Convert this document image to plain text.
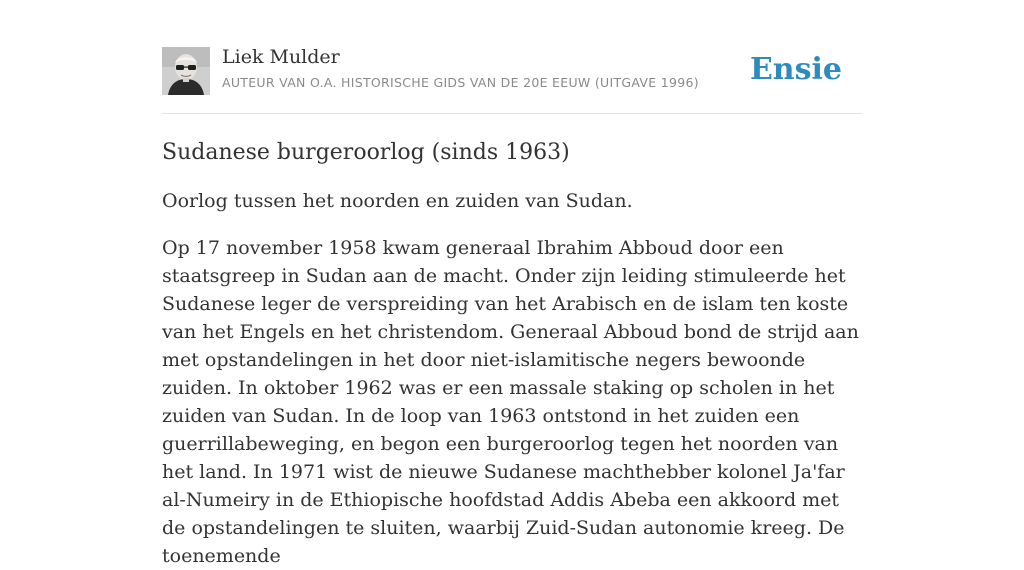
Liek Mulder
AUTEUR VAN O.A. HISTORISCHE GIDS VAN DE 20E EEUW (UITGAVE 1996) Ensie
Sudanese burgeroorlog (sinds 1963)

Oorlog tussen het noorden en zuiden van Sudan.

Op 17 november 1958 kwam generaal Ibrahim Abboud door een staatsgreep in Sudan aan de macht. Onder zijn leiding stimuleerde het Sudanese leger de verspreiding van het Arabisch en de islam ten koste van het Engels en het christendom. Generaal Abboud bond de strijd aan met opstandelingen in het door niet-islamitische negers bewoonde zuiden. In oktober 1962 was er een massale staking op scholen in het zuiden van Sudan. In de loop van 1963 ontstond in het zuiden een guerrillabeweging, en begon een burgeroorlog tegen het noorden van het land. In 1971 wist de nieuwe Sudanese machthebber kolonel Ja'far al-Numeiry in de Ethiopische hoofdstad Addis Abeba een akkoord met de opstandelingen te sluiten, waarbij Zuid-Sudan autonomie kreeg. De toenemende
